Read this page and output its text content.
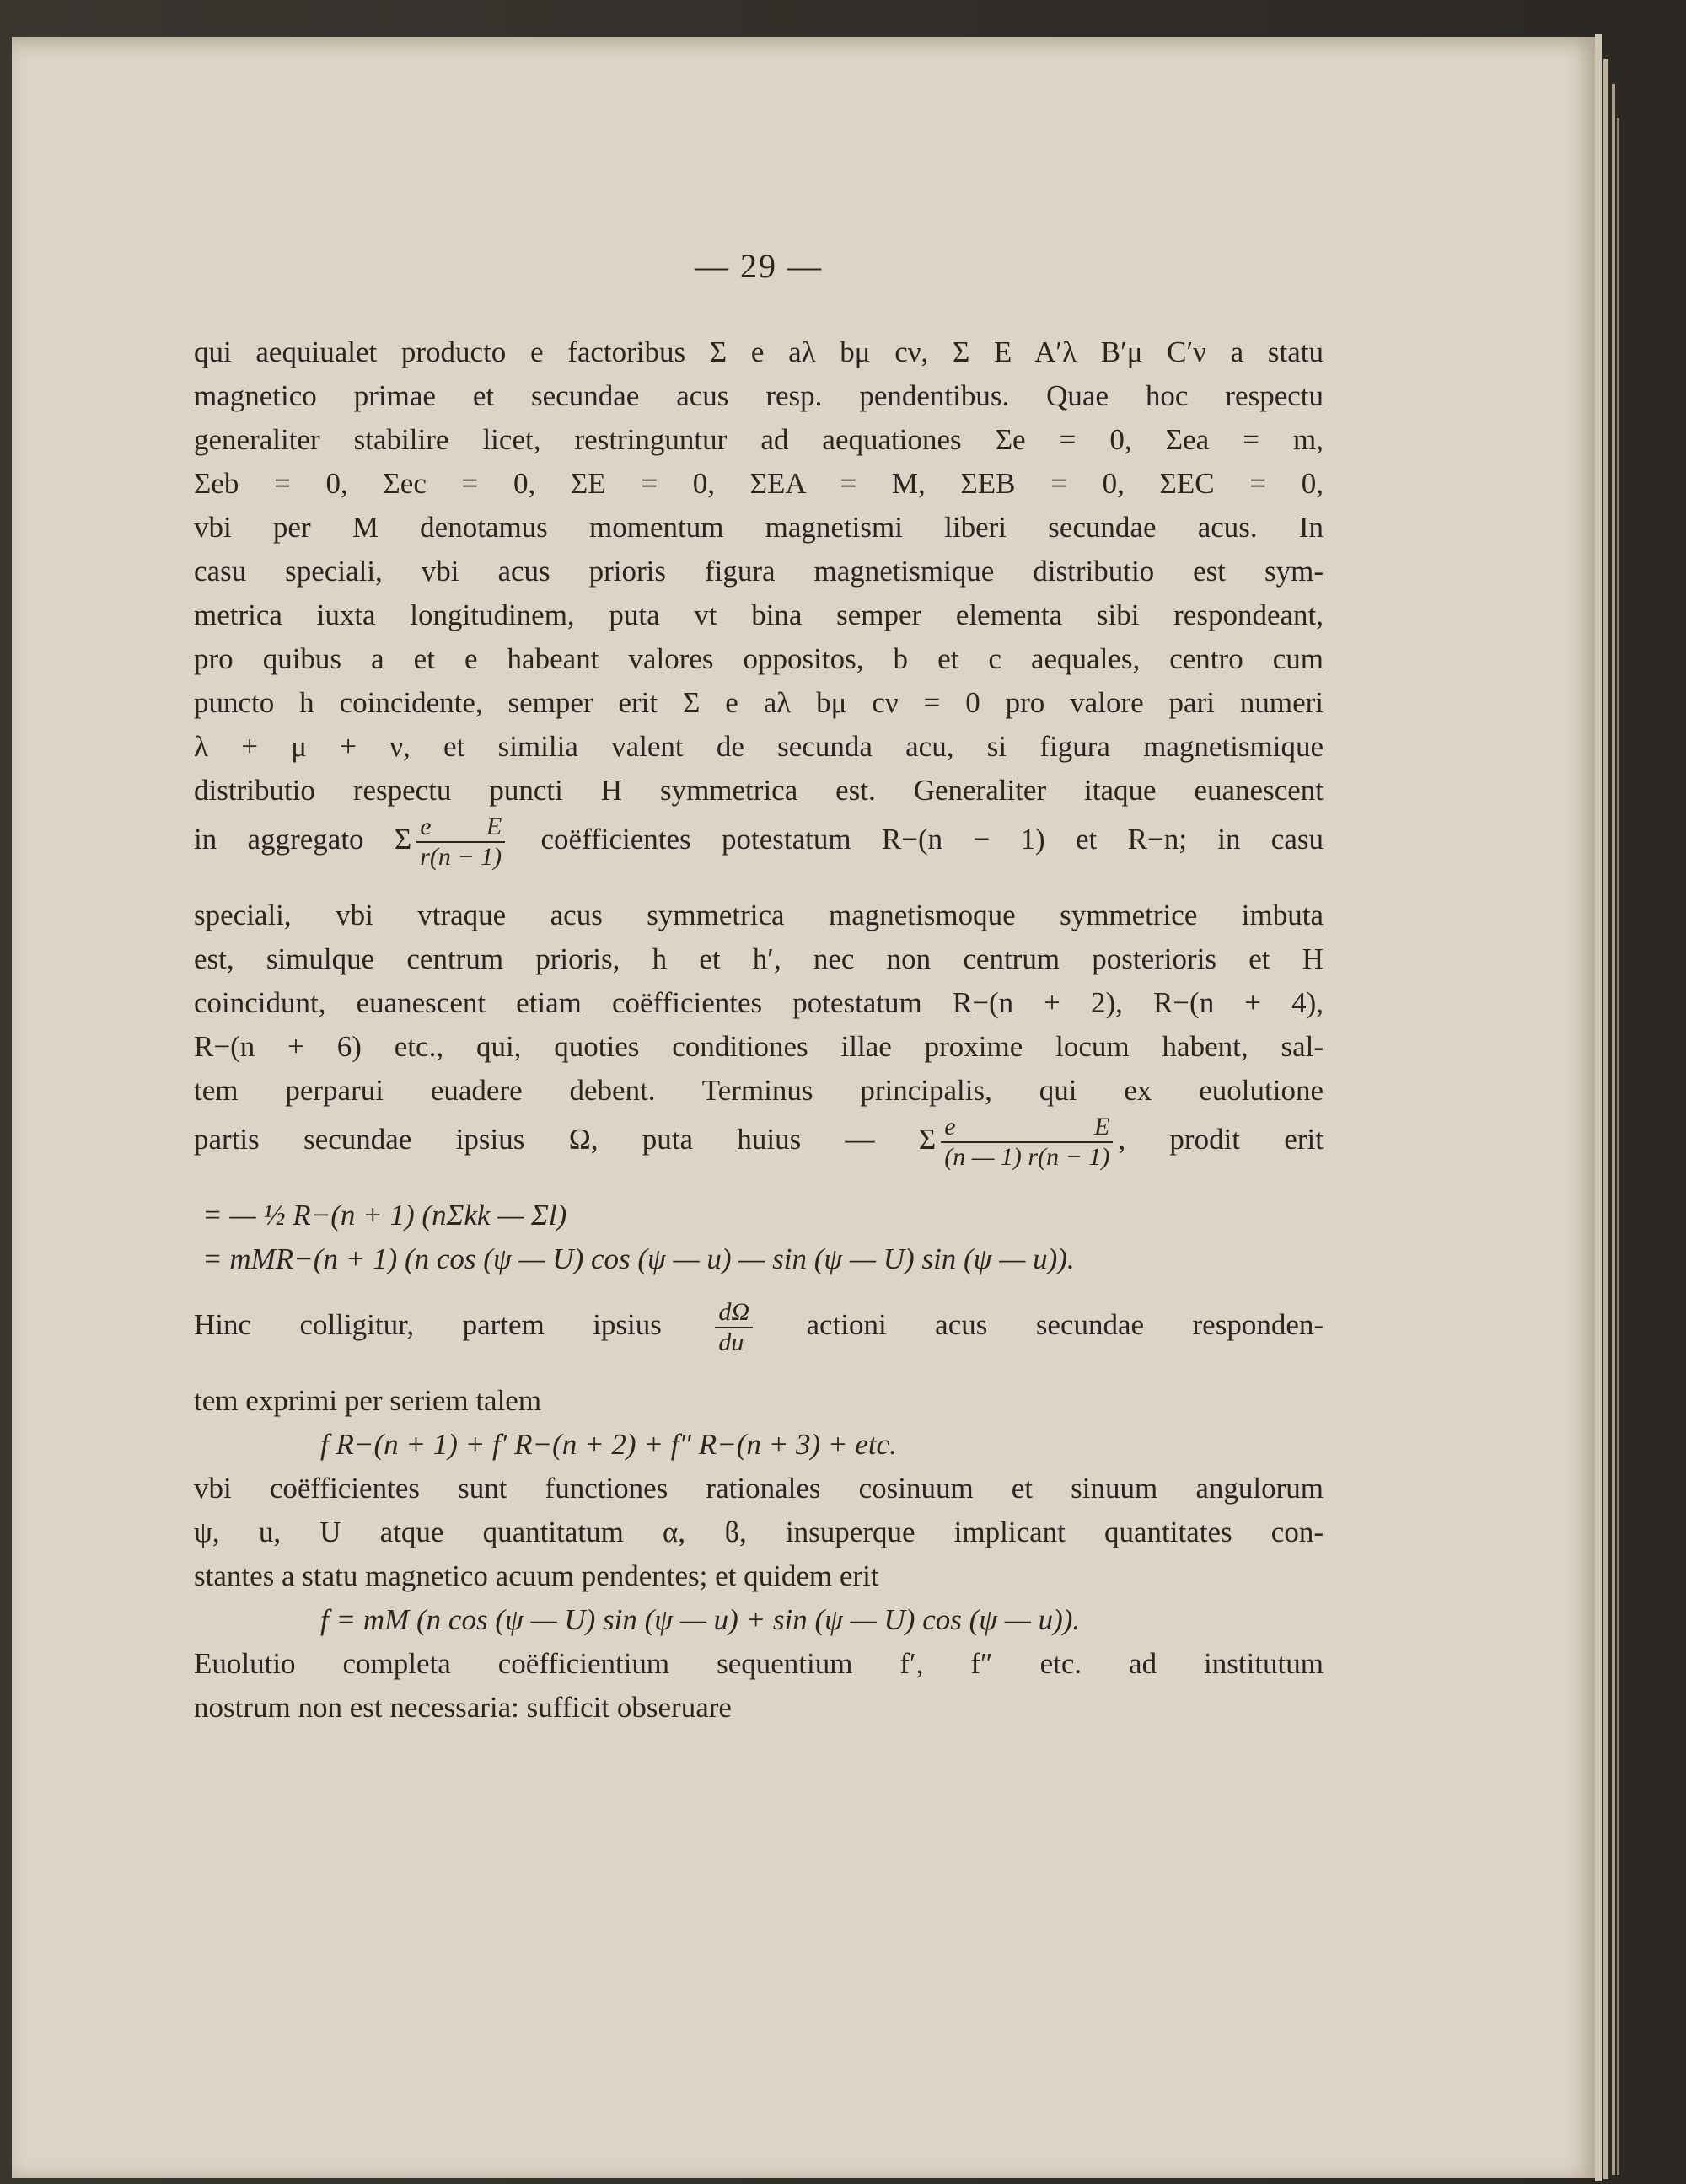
— 29 —
qui aequiualet producto e factoribus Σ e aλ bμ cν, Σ E A′λ B′μ C′ν a statu
magnetico primae et secundae acus resp. pendentibus. Quae hoc respectu
generaliter stabilire licet, restringuntur ad aequationes Σe = 0, Σea = m,
Σeb = 0, Σec = 0, ΣE = 0, ΣEA = M, ΣEB = 0, ΣEC = 0,
vbi per M denotamus momentum magnetismi liberi secundae acus. In
casu speciali, vbi acus prioris figura magnetismique distributio est sym-
metrica iuxta longitudinem, puta vt bina semper elementa sibi respondeant,
pro quibus a et e habeant valores oppositos, b et c aequales, centro cum
puncto h coincidente, semper erit Σ e aλ bμ cν = 0 pro valore pari numeri
λ + μ + ν, et similia valent de secunda acu, si figura magnetismique
distributio respectu puncti H symmetrica est. Generaliter itaque euanescent
in aggregato Σ $\frac{\text{e E}}{r(n - 1)}$ coëfficientes potestatum R−(n − 1) et R−n; in casu
speciali, vbi vtraque acus symmetrica magnetismoque symmetrice imbuta
est, simulque centrum prioris, h et h′, nec non centrum posterioris et H
coincidunt, euanescent etiam coëfficientes potestatum R−(n + 2), R−(n + 4),
R−(n + 6) etc., qui, quoties conditiones illae proxime locum habent, sal-
tem perparui euadere debent. Terminus principalis, qui ex euolutione
partis secundae ipsius Ω, puta huius — Σ $\frac{\text{e E}}{(n — 1) r(n - 1)}$ , prodit erit
= — ½ R−(n + 1) (nΣkk — Σl)
= mMR−(n + 1) (n cos (ψ — U) cos (ψ — u) — sin (ψ — U) sin (ψ — u)).
Hinc colligitur, partem ipsius $\frac{d\Omega}{du}$ actioni acus secundae responden-
tem exprimi per seriem talem
f R−(n + 1) + f′ R−(n + 2) + f″ R−(n + 3) + etc.
vbi coëfficientes sunt functiones rationales cosinuum et sinuum angulorum
ψ, u, U atque quantitatum α, ϐ, insuperque implicant quantitates con-
stantes a statu magnetico acuum pendentes; et quidem erit
f = mM (n cos (ψ — U) sin (ψ — u) + sin (ψ — U) cos (ψ — u)).
Euolutio completa coëfficientium sequentium f′, f″ etc. ad institutum
nostrum non est necessaria: sufficit obseruare
